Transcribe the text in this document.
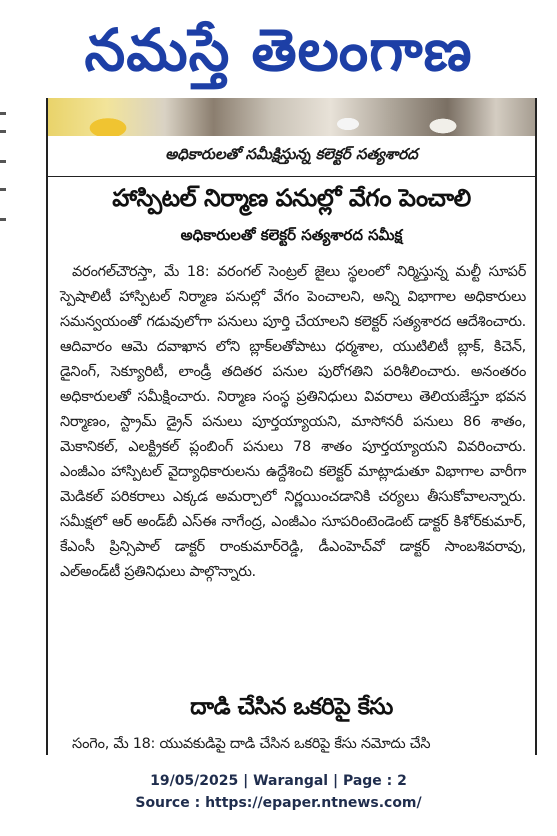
నమస్తే తెలంగాణ
అధికారులతో సమీక్షిస్తున్న కలెక్టర్ సత్యశారద
హాస్పిటల్ నిర్మాణ పనుల్లో వేగం పెంచాలి
అధికారులతో కలెక్టర్ సత్యశారద సమీక్ష
వరంగల్‌చౌరస్తా, మే 18: వరంగల్ సెంట్రల్ జైలు స్థలంలో నిర్మిస్తున్న మల్టీ సూపర్ స్పెషాలిటీ హాస్పిటల్ నిర్మాణ పనుల్లో వేగం పెంచాలని, అన్ని విభాగాల అధికారులు సమన్వయంతో గడువులోగా పనులు పూర్తి చేయాలని కలెక్టర్ సత్యశారద ఆదేశించారు. ఆదివారం ఆమె దవాఖాన లోని బ్లాక్‌లతోపాటు ధర్మశాల, యుటిలిటీ బ్లాక్, కిచెన్, డైనింగ్, సెక్యూరిటీ, లాండ్రీ తదితర పనుల పురోగతిని పరిశీలించారు. అనంతరం అధికారులతో సమీక్షించారు. నిర్మాణ సంస్థ ప్రతినిధులు వివరాలు తెలియజేస్తూ భవన నిర్మాణం, స్ట్రామ్ డ్రైన్ పనులు పూర్తయ్యాయని, మాసోనరీ పనులు 86 శాతం, మెకానికల్, ఎలక్ట్రికల్ ప్లంబింగ్ పనులు 78 శాతం పూర్తయ్యాయని వివరించారు. ఎంజీఎం హాస్పిటల్ వైద్యాధికారులను ఉద్దేశించి కలెక్టర్ మాట్లాడుతూ విభాగాల వారీగా మెడికల్ పరికరాలు ఎక్కడ అమర్చాలో నిర్ణయించడానికి చర్యలు తీసుకోవాలన్నారు. సమీక్షలో ఆర్ అండ్‌బీ ఎస్ఈ నాగేంద్ర, ఎంజీఎం సూపరింటెండెంట్ డాక్టర్ కిశోర్‌కుమార్, కేఎంసీ ప్రిన్సిపాల్ డాక్టర్ రాంకుమార్‌రెడ్డి, డీఎంహెచ్‌వో డాక్టర్ సాంబశివరావు, ఎల్అండ్‌టీ ప్రతినిధులు పాల్గొన్నారు.
దాడి చేసిన ఒకరిపై కేసు
సంగెం, మే 18: యువకుడిపై దాడి చేసిన ఒకరిపై కేసు నమోదు చేసి
19/05/2025 | Warangal | Page : 2
Source : https://epaper.ntnews.com/
